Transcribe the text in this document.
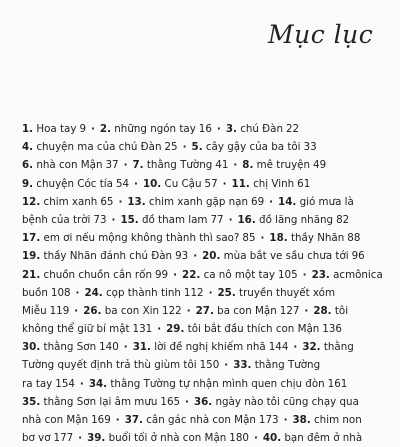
Mục lục
1. Hoa tay 9 · 2. những ngón tay 16 · 3. chú Đàn 22
4. chuyện ma của chú Đàn 25 · 5. cây gậy của ba tôi 33
6. nhà con Mận 37 · 7. thằng Tường 41 · 8. mê truyện 49
9. chuyện Cóc tía 54 · 10. Cu Cậu 57 · 11. chị Vinh 61
12. chim xanh 65 · 13. chim xanh gặp nạn 69 · 14. gió mưa là
bệnh của trời 73 · 15. đồ tham lam 77 · 16. đồ lăng nhăng 82
17. em ơi nếu mộng không thành thì sao? 85 · 18. thầy Nhãn 88
19. thầy Nhãn đánh chú Đàn 93 · 20. mùa bắt ve sầu chưa tới 96
21. chuồn chuồn cắn rốn 99 · 22. ca nô một tay 105 · 23. acmônica
buồn 108 · 24. cọp thành tinh 112 · 25. truyền thuyết xóm
Miễu 119 · 26. ba con Xin 122 · 27. ba con Mận 127 · 28. tôi
không thể giữ bí mật 131 · 29. tôi bắt đầu thích con Mận 136
30. thằng Sơn 140 · 31. lời đề nghị khiếm nhã 144 · 32. thằng
Tường quyết định trả thù giùm tôi 150 · 33. thằng Tường
ra tay 154 · 34. thằng Tường tự nhận mình quen chịu đòn 161
35. thằng Sơn lại âm mưu 165 · 36. ngày nào tôi cũng chạy qua
nhà con Mận 169 · 37. cân gác nhà con Mận 173 · 38. chim non
bơ vơ 177 · 39. buổi tối ở nhà con Mận 180 · 40. bạn đêm ở nhà
